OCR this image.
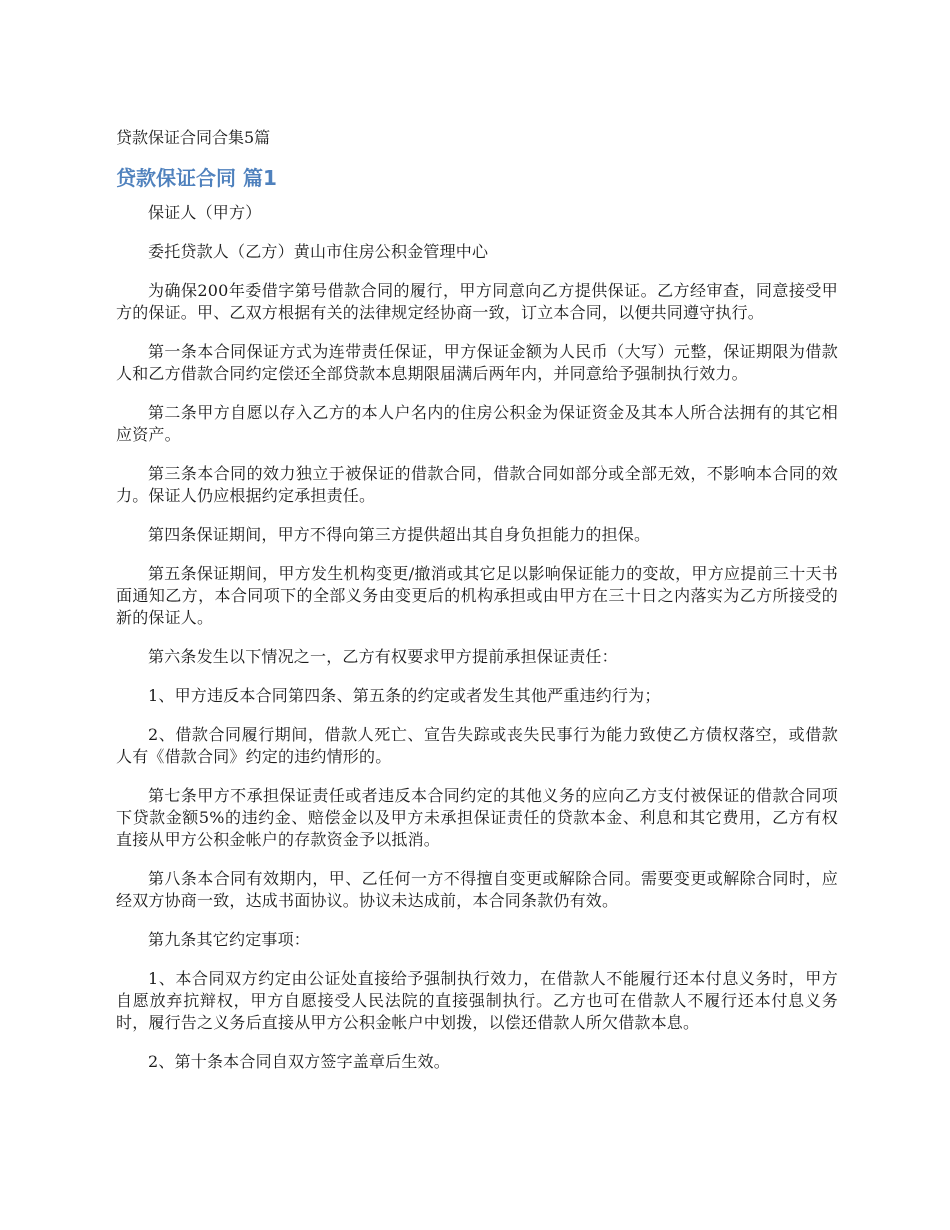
贷款保证合同合集5篇

贷款保证合同 篇1

保证人（甲方）

委托贷款人（乙方）黄山市住房公积金管理中心

为确保200年委借字第号借款合同的履行，甲方同意向乙方提供保证。乙方经审查，同意接受甲方的保证。甲、乙双方根据有关的法律规定经协商一致，订立本合同，以便共同遵守执行。

第一条本合同保证方式为连带责任保证，甲方保证金额为人民币（大写）元整，保证期限为借款人和乙方借款合同约定偿还全部贷款本息期限届满后两年内，并同意给予强制执行效力。

第二条甲方自愿以存入乙方的本人户名内的住房公积金为保证资金及其本人所合法拥有的其它相应资产。

第三条本合同的效力独立于被保证的借款合同，借款合同如部分或全部无效，不影响本合同的效力。保证人仍应根据约定承担责任。

第四条保证期间，甲方不得向第三方提供超出其自身负担能力的担保。

第五条保证期间，甲方发生机构变更/撤消或其它足以影响保证能力的变故，甲方应提前三十天书面通知乙方，本合同项下的全部义务由变更后的机构承担或由甲方在三十日之内落实为乙方所接受的新的保证人。

第六条发生以下情况之一，乙方有权要求甲方提前承担保证责任：

1、甲方违反本合同第四条、第五条的约定或者发生其他严重违约行为；

2、借款合同履行期间，借款人死亡、宣告失踪或丧失民事行为能力致使乙方债权落空，或借款人有《借款合同》约定的违约情形的。

第七条甲方不承担保证责任或者违反本合同约定的其他义务的应向乙方支付被保证的借款合同项下贷款金额5%的违约金、赔偿金以及甲方未承担保证责任的贷款本金、利息和其它费用，乙方有权直接从甲方公积金帐户的存款资金予以抵消。

第八条本合同有效期内，甲、乙任何一方不得擅自变更或解除合同。需要变更或解除合同时，应经双方协商一致，达成书面协议。协议未达成前，本合同条款仍有效。

第九条其它约定事项：

1、本合同双方约定由公证处直接给予强制执行效力，在借款人不能履行还本付息义务时，甲方自愿放弃抗辩权，甲方自愿接受人民法院的直接强制执行。乙方也可在借款人不履行还本付息义务时，履行告之义务后直接从甲方公积金帐户中划拨，以偿还借款人所欠借款本息。

2、第十条本合同自双方签字盖章后生效。
